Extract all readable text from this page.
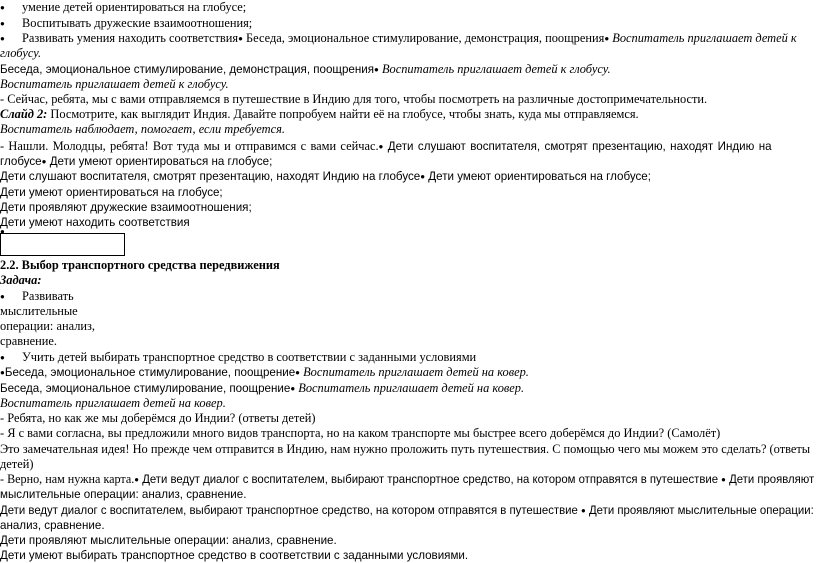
●умение детей ориентироваться на глобусе;
●Воспитывать дружеские взаимоотношения;
●Развивать умения находить соответствия● Беседа, эмоциональное стимулирование, демонстрация, поощрения● Воспитатель приглашает детей к
глобусу.
Беседа, эмоциональное стимулирование, демонстрация, поощрения● Воспитатель приглашает детей к глобусу.
Воспитатель приглашает детей к глобусу.
- Сейчас, ребята, мы с вами отправляемся в путешествие в Индию для того, чтобы посмотреть на различные достопримечательности.
Слайд 2: Посмотрите, как выглядит Индия. Давайте попробуем найти её на глобусе, чтобы знать, куда мы отправляемся.
Воспитатель наблюдает, помогает, если требуется.
- Нашли. Молодцы, ребята! Вот туда мы и отправимся с вами сейчас.● Дети слушают воспитателя, смотрят презентацию, находят Индию на
глобусе● Дети умеют ориентироваться на глобусе;
Дети слушают воспитателя, смотрят презентацию, находят Индию на глобусе● Дети умеют ориентироваться на глобусе;
Дети умеют ориентироваться на глобусе;
Дети проявляют дружеские взаимоотношения;
Дети умеют находить соответствия
●
2.2. Выбор транспортного средства передвижения
Задача:
●Развивать
мыслительные
операции: анализ,
сравнение.
●Учить детей выбирать транспортное средство в соответствии с заданными условиями
● Беседа, эмоциональное стимулирование, поощрение● Воспитатель приглашает детей на ковер.
Беседа, эмоциональное стимулирование, поощрение● Воспитатель приглашает детей на ковер.
Воспитатель приглашает детей на ковер.
- Ребята, но как же мы доберёмся до Индии? (ответы детей)
- Я с вами согласна, вы предложили много видов транспорта, но на каком транспорте мы быстрее всего доберёмся до Индии? (Самолёт)
Это замечательная идея! Но прежде чем отправится в Индию, нам нужно проложить путь путешествия. С помощью чего мы можем это сделать? (ответы
детей)
- Верно, нам нужна карта.● Дети ведут диалог с воспитателем, выбирают транспортное средство, на котором отправятся в путешествие ● Дети проявляют
мыслительные операции: анализ, сравнение.
Дети ведут диалог с воспитателем, выбирают транспортное средство, на котором отправятся в путешествие ● Дети проявляют мыслительные операции:
анализ, сравнение.
Дети проявляют мыслительные операции: анализ, сравнение.
Дети умеют выбирать транспортное средство в соответствии с заданными условиями.
